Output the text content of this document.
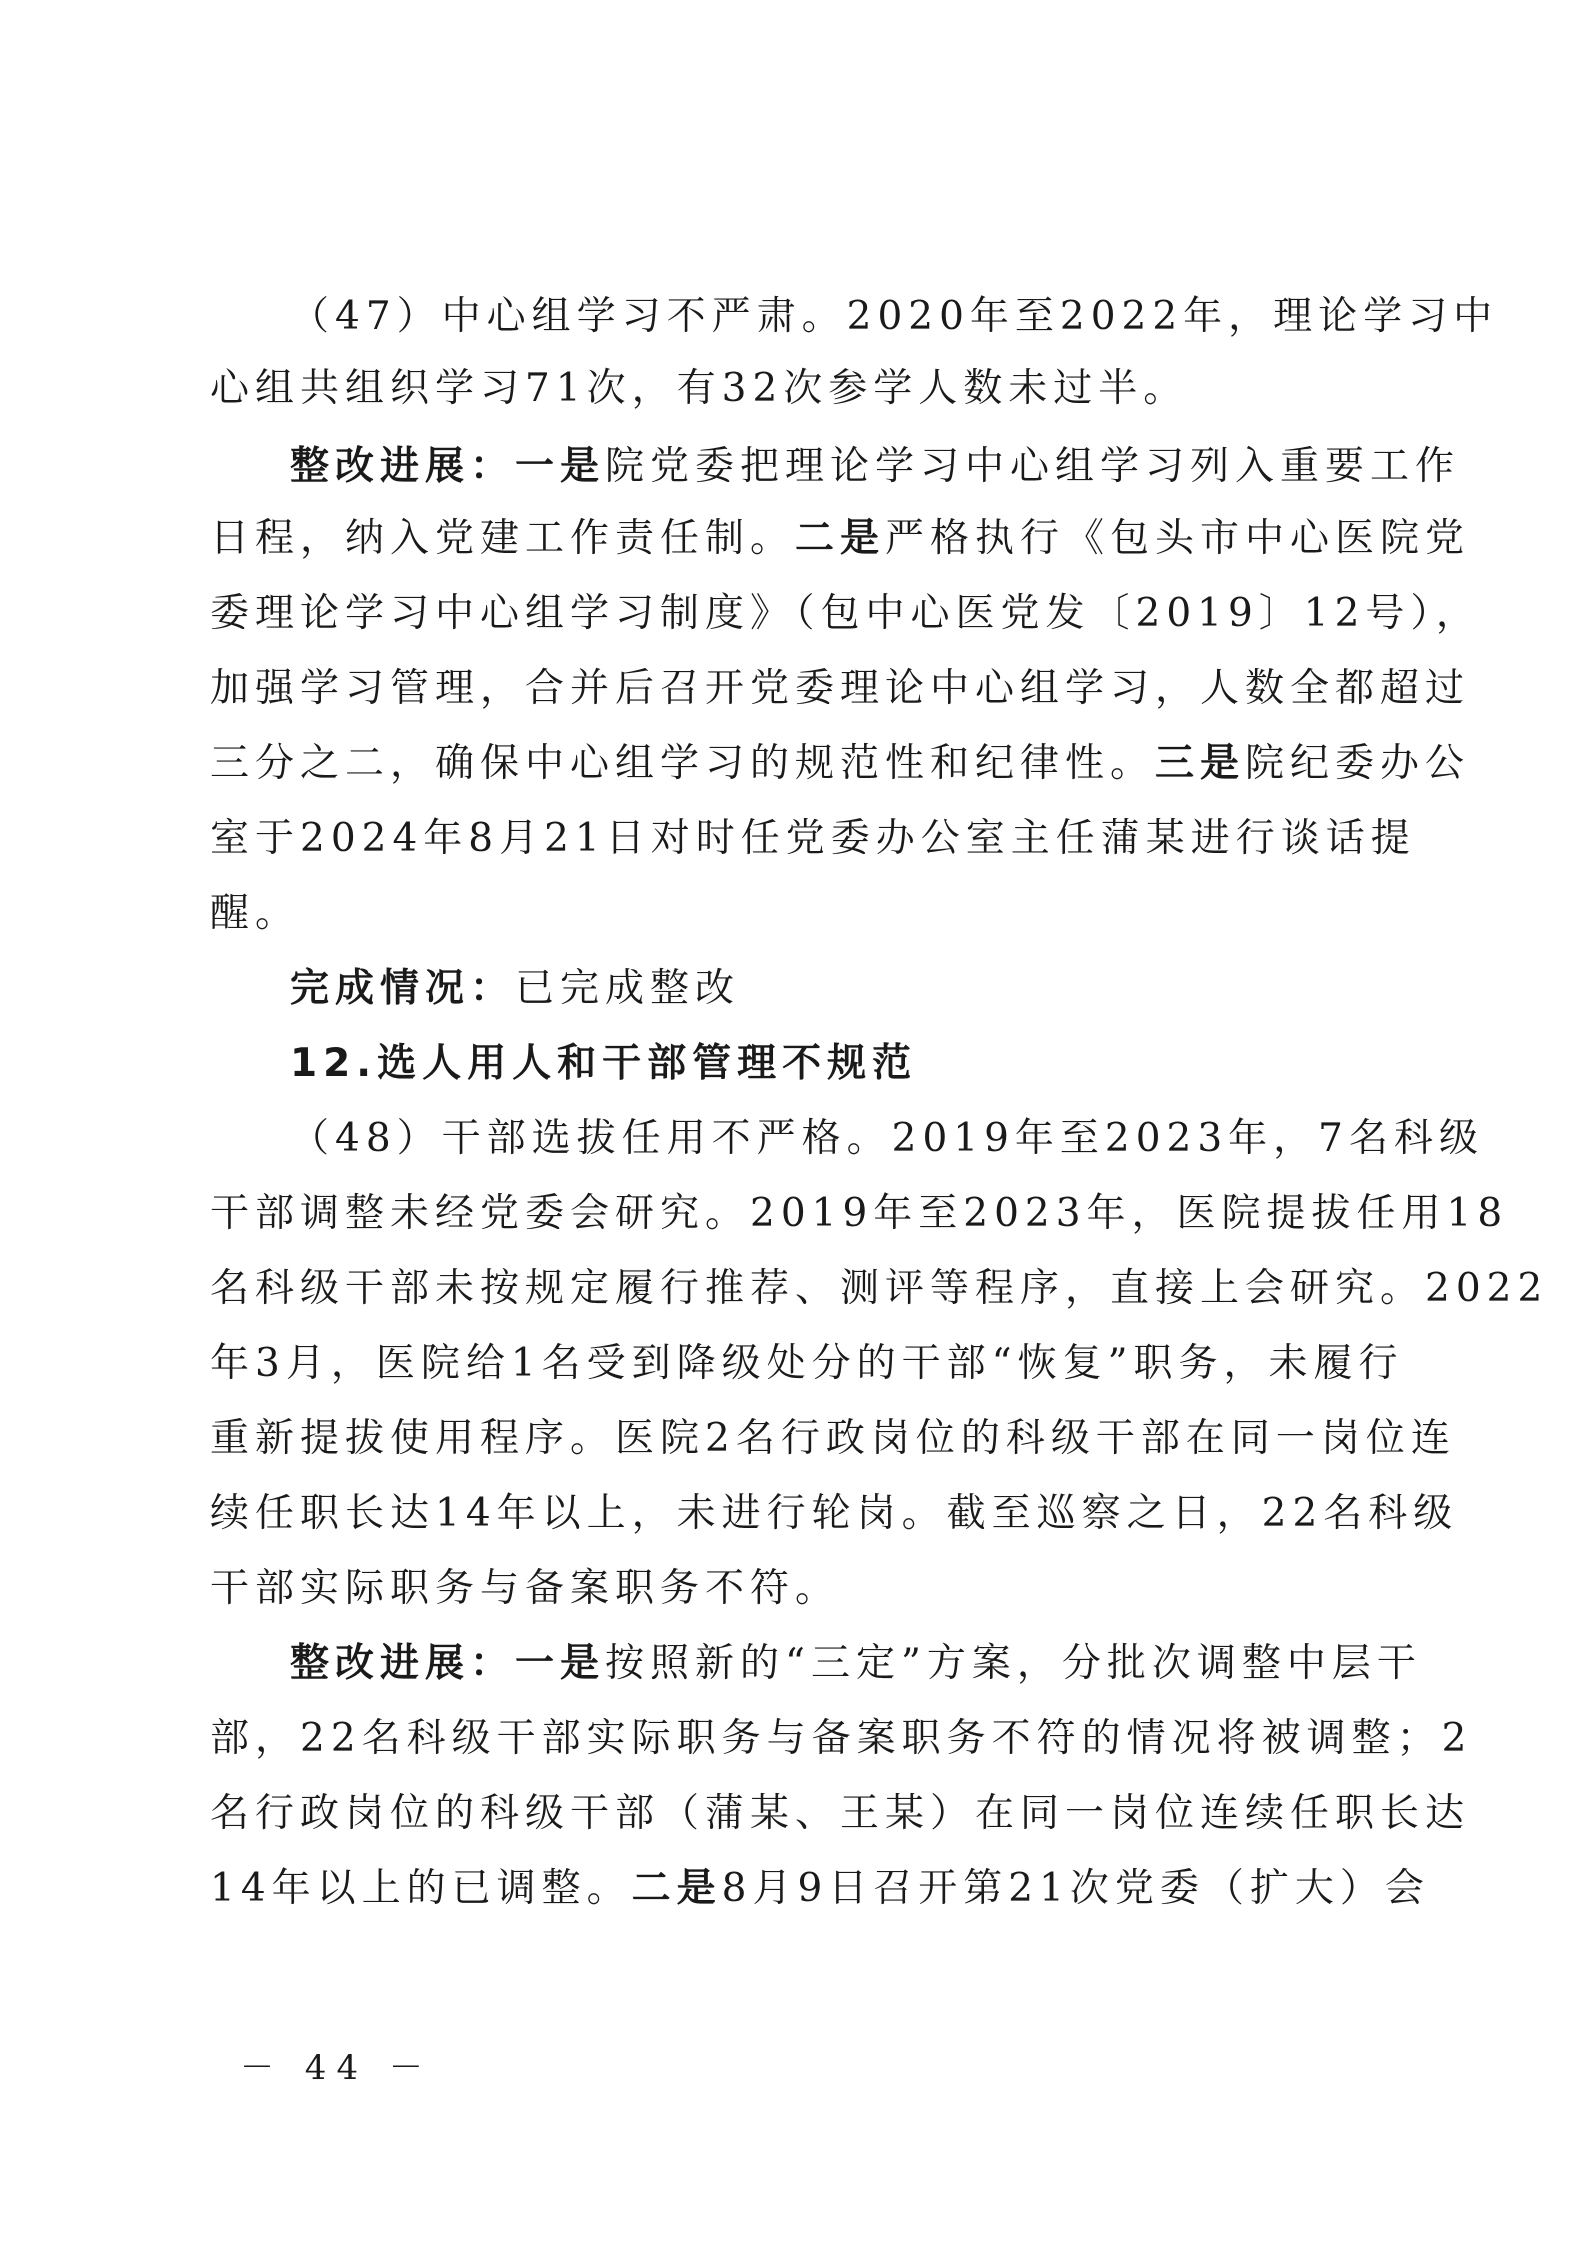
（47）中心组学习不严肃。2020年至2022年，理论学习中
心组共组织学习71次，有32次参学人数未过半。
整改进展：一是院党委把理论学习中心组学习列入重要工作
日程，纳入党建工作责任制。二是严格执行《包头市中心医院党
委理论学习中心组学习制度》（包中心医党发〔2019〕12号），
加强学习管理，合并后召开党委理论中心组学习，人数全都超过
三分之二，确保中心组学习的规范性和纪律性。三是院纪委办公
室于2024年8月21日对时任党委办公室主任蒲某进行谈话提
醒。
完成情况：已完成整改
12.选人用人和干部管理不规范
（48）干部选拔任用不严格。2019年至2023年，7名科级
干部调整未经党委会研究。2019年至2023年，医院提拔任用18
名科级干部未按规定履行推荐、测评等程序，直接上会研究。2022
年3月，医院给1名受到降级处分的干部“恢复”职务，未履行
重新提拔使用程序。医院2名行政岗位的科级干部在同一岗位连
续任职长达14年以上，未进行轮岗。截至巡察之日，22名科级
干部实际职务与备案职务不符。
整改进展：一是按照新的“三定”方案，分批次调整中层干
部，22名科级干部实际职务与备案职务不符的情况将被调整；2
名行政岗位的科级干部（蒲某、王某）在同一岗位连续任职长达
14年以上的已调整。二是8月9日召开第21次党委（扩大）会
－ 44 －
